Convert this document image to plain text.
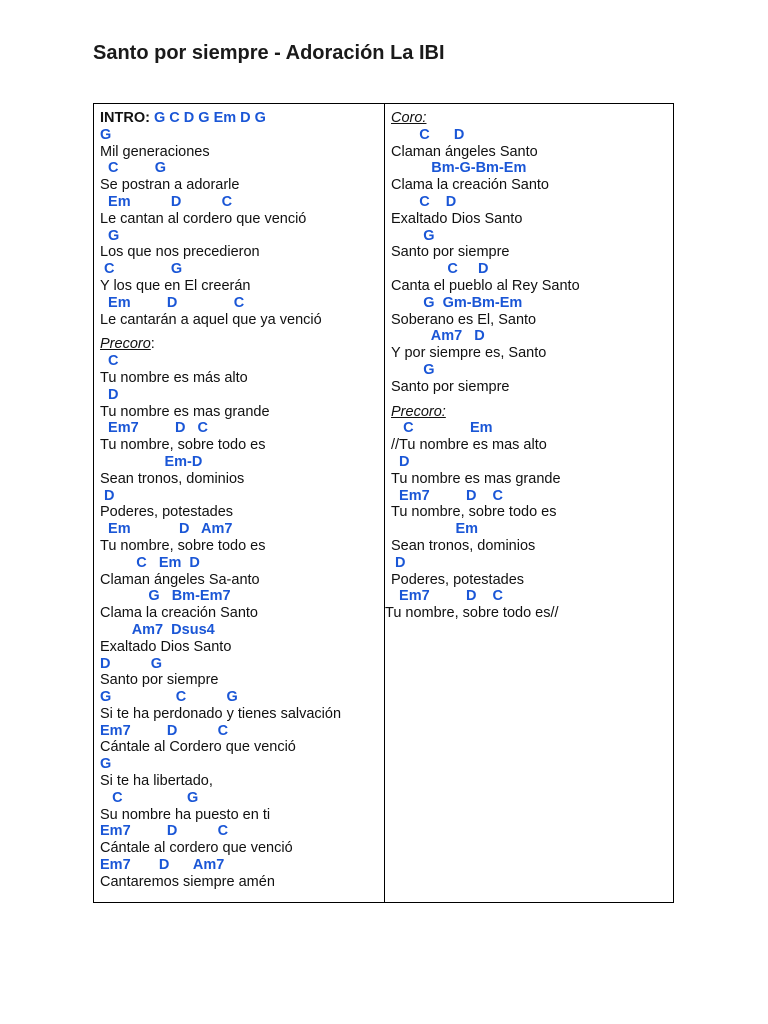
Santo por siempre - Adoración La IBI
INTRO: G C D G Em D G
G
Mil generaciones
C         G
Se postran a adorarle
Em          D          C
Le cantan al cordero que venció
G
Los que nos precedieron
C              G
Y los que en El creerán
Em         D              C
Le cantarán a aquel que ya venció
Precoro:
C
Tu nombre es más alto
D
Tu nombre es mas grande
Em7         D   C
Tu nombre, sobre todo es
Em-D
Sean tronos, dominios
D
Poderes, potestades
Em            D   Am7
Tu nombre, sobre todo es
C   Em  D
Claman ángeles Sa-anto
G   Bm-Em7
Clama la creación Santo
Am7  Dsus4
Exaltado Dios Santo
D          G
Santo por siempre
G                C          G
Si te ha perdonado y tienes salvación
Em7         D          C
Cántale al Cordero que venció
G
Si te ha libertado,
C                G
Su nombre ha puesto en ti
Em7         D          C
Cántale al cordero que venció
Em7       D      Am7
Cantaremos siempre amén
Coro:
C      D
Claman ángeles Santo
Bm-G-Bm-Em
Clama la creación Santo
C    D
Exaltado Dios Santo
G
Santo por siempre
C     D
Canta el pueblo al Rey Santo
G  Gm-Bm-Em
Soberano es El, Santo
Am7   D
Y por siempre es, Santo
G
Santo por siempre
Precoro:
C              Em
//Tu nombre es mas alto
D
Tu nombre es mas grande
Em7         D    C
Tu nombre, sobre todo es
Em
Sean tronos, dominios
D
Poderes, potestades
Em7         D    C
Tu nombre, sobre todo es//
